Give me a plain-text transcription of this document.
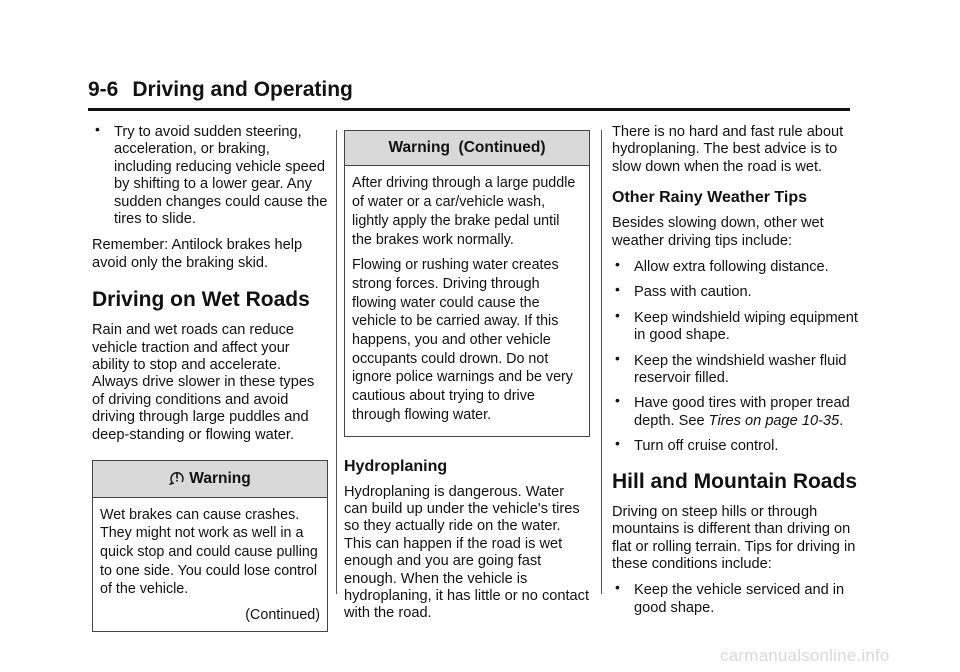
9-6 Driving and Operating
• Try to avoid sudden steering, acceleration, or braking, including reducing vehicle speed by shifting to a lower gear. Any sudden changes could cause the tires to slide.

Remember: Antilock brakes help avoid only the braking skid.

Driving on Wet Roads

Rain and wet roads can reduce vehicle traction and affect your ability to stop and accelerate. Always drive slower in these types of driving conditions and avoid driving through large puddles and deep-standing or flowing water.

Warning

Wet brakes can cause crashes. They might not work as well in a quick stop and could cause pulling to one side. You could lose control of the vehicle.

(Continued)

Warning  (Continued)

After driving through a large puddle of water or a car/vehicle wash, lightly apply the brake pedal until the brakes work normally.

Flowing or rushing water creates strong forces. Driving through flowing water could cause the vehicle to be carried away. If this happens, you and other vehicle occupants could drown. Do not ignore police warnings and be very cautious about trying to drive through flowing water.

Hydroplaning

Hydroplaning is dangerous. Water can build up under the vehicle's tires so they actually ride on the water. This can happen if the road is wet enough and you are going fast enough. When the vehicle is hydroplaning, it has little or no contact with the road.

There is no hard and fast rule about hydroplaning. The best advice is to slow down when the road is wet.

Other Rainy Weather Tips

Besides slowing down, other wet weather driving tips include:

• Allow extra following distance.
• Pass with caution.
• Keep windshield wiping equipment in good shape.
• Keep the windshield washer fluid reservoir filled.
• Have good tires with proper tread depth. See Tires on page 10-35.
• Turn off cruise control.
Hill and Mountain Roads

Driving on steep hills or through mountains is different than driving on flat or rolling terrain. Tips for driving in these conditions include:

• Keep the vehicle serviced and in good shape.
carmanualsonline.info
